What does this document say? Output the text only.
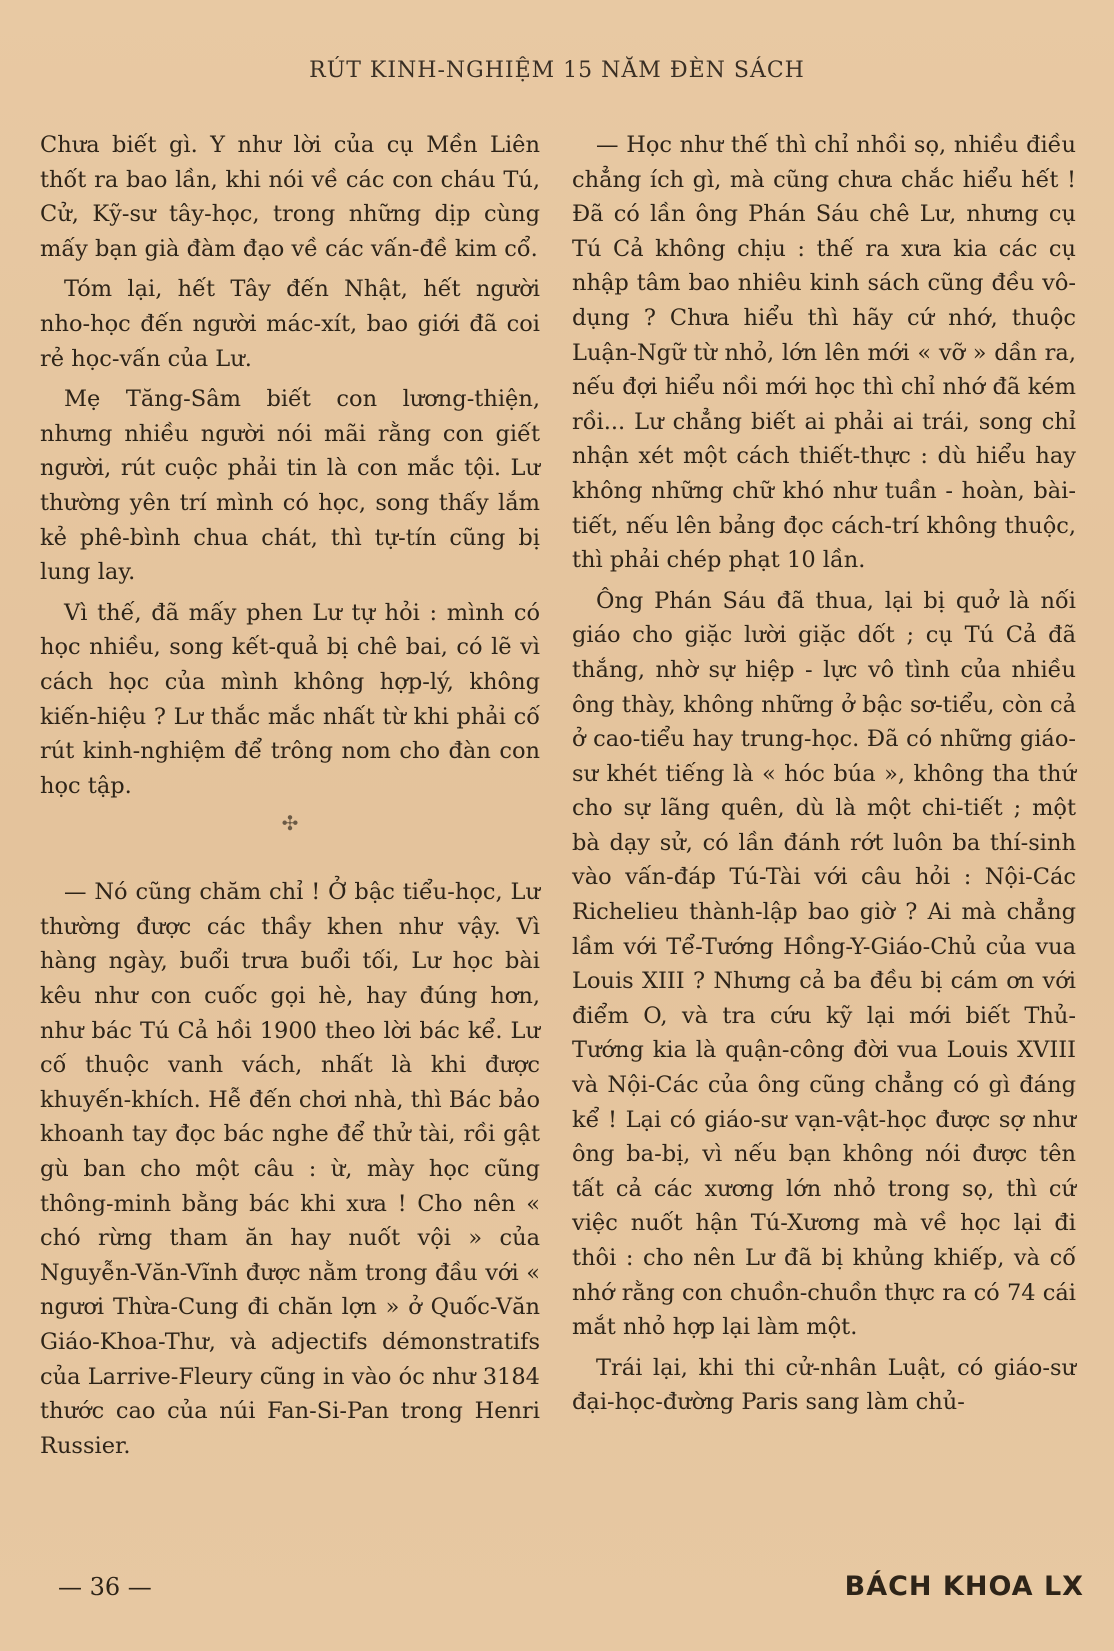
RÚT KINH-NGHIỆM 15 NĂM ĐÈN SÁCH

Chưa biết gì. Y như lời của cụ Mền Liên thốt ra bao lần, khi nói về các con cháu Tú, Cử, Kỹ-sư tây-học, trong những dịp cùng mấy bạn già đàm đạo về các vấn-đề kim cổ.

Tóm lại, hết Tây đến Nhật, hết người nho-học đến người mác-xít, bao giới đã coi rẻ học-vấn của Lư.

Mẹ Tăng-Sâm biết con lương-thiện, nhưng nhiều người nói mãi rằng con giết người, rút cuộc phải tin là con mắc tội. Lư thường yên trí mình có học, song thấy lắm kẻ phê-bình chua chát, thì tự-tín cũng bị lung lay.

Vì thế, đã mấy phen Lư tự hỏi : mình có học nhiều, song kết-quả bị chê bai, có lẽ vì cách học của mình không hợp-lý, không kiến-hiệu ? Lư thắc mắc nhất từ khi phải cố rút kinh-nghiệm để trông nom cho đàn con học tập.

✣

— Nó cũng chăm chỉ ! Ở bậc tiểu-học, Lư thường được các thầy khen như vậy. Vì hàng ngày, buổi trưa buổi tối, Lư học bài kêu như con cuốc gọi hè, hay đúng hơn, như bác Tú Cả hồi 1900 theo lời bác kể. Lư cố thuộc vanh vách, nhất là khi được khuyến-khích. Hễ đến chơi nhà, thì Bác bảo khoanh tay đọc bác nghe để thử tài, rồi gật gù ban cho một câu : ừ, mày học cũng thông-minh bằng bác khi xưa ! Cho nên « chó rừng tham ăn hay nuốt vội » của Nguyễn-Văn-Vĩnh được nằm trong đầu với « ngươi Thừa-Cung đi chăn lợn » ở Quốc-Văn Giáo-Khoa-Thư, và adjectifs démonstratifs của Larrive-Fleury cũng in vào óc như 3184 thước cao của núi Fan-Si-Pan trong Henri Russier.

— Học như thế thì chỉ nhồi sọ, nhiều điều chẳng ích gì, mà cũng chưa chắc hiểu hết ! Đã có lần ông Phán Sáu chê Lư, nhưng cụ Tú Cả không chịu : thế ra xưa kia các cụ nhập tâm bao nhiêu kinh sách cũng đều vô-dụng ? Chưa hiểu thì hãy cứ nhớ, thuộc Luận-Ngữ từ nhỏ, lớn lên mới « vỡ » dần ra, nếu đợi hiểu nồi mới học thì chỉ nhớ đã kém rồi... Lư chẳng biết ai phải ai trái, song chỉ nhận xét một cách thiết-thực : dù hiểu hay không những chữ khó như tuần - hoàn, bài-tiết, nếu lên bảng đọc cách-trí không thuộc, thì phải chép phạt 10 lần.

Ông Phán Sáu đã thua, lại bị quở là nối giáo cho giặc lười giặc dốt ; cụ Tú Cả đã thắng, nhờ sự hiệp - lực vô tình của nhiều ông thày, không những ở bậc sơ-tiểu, còn cả ở cao-tiểu hay trung-học. Đã có những giáo-sư khét tiếng là « hóc búa », không tha thứ cho sự lãng quên, dù là một chi-tiết ; một bà dạy sử, có lần đánh rớt luôn ba thí-sinh vào vấn-đáp Tú-Tài với câu hỏi : Nội-Các Richelieu thành-lập bao giờ ? Ai mà chẳng lầm với Tể-Tướng Hồng-Y-Giáo-Chủ của vua Louis XIII ? Nhưng cả ba đều bị cám ơn với điểm O, và tra cứu kỹ lại mới biết Thủ-Tướng kia là quận-công đời vua Louis XVIII và Nội-Các của ông cũng chẳng có gì đáng kể ! Lại có giáo-sư vạn-vật-học được sợ như ông ba-bị, vì nếu bạn không nói được tên tất cả các xương lớn nhỏ trong sọ, thì cứ việc nuốt hận Tú-Xương mà về học lại đi thôi : cho nên Lư đã bị khủng khiếp, và cố nhớ rằng con chuồn-chuồn thực ra có 74 cái mắt nhỏ hợp lại làm một.

Trái lại, khi thi cử-nhân Luật, có giáo-sư đại-học-đường Paris sang làm chủ-

— 36 —	BÁCH KHOA LX
